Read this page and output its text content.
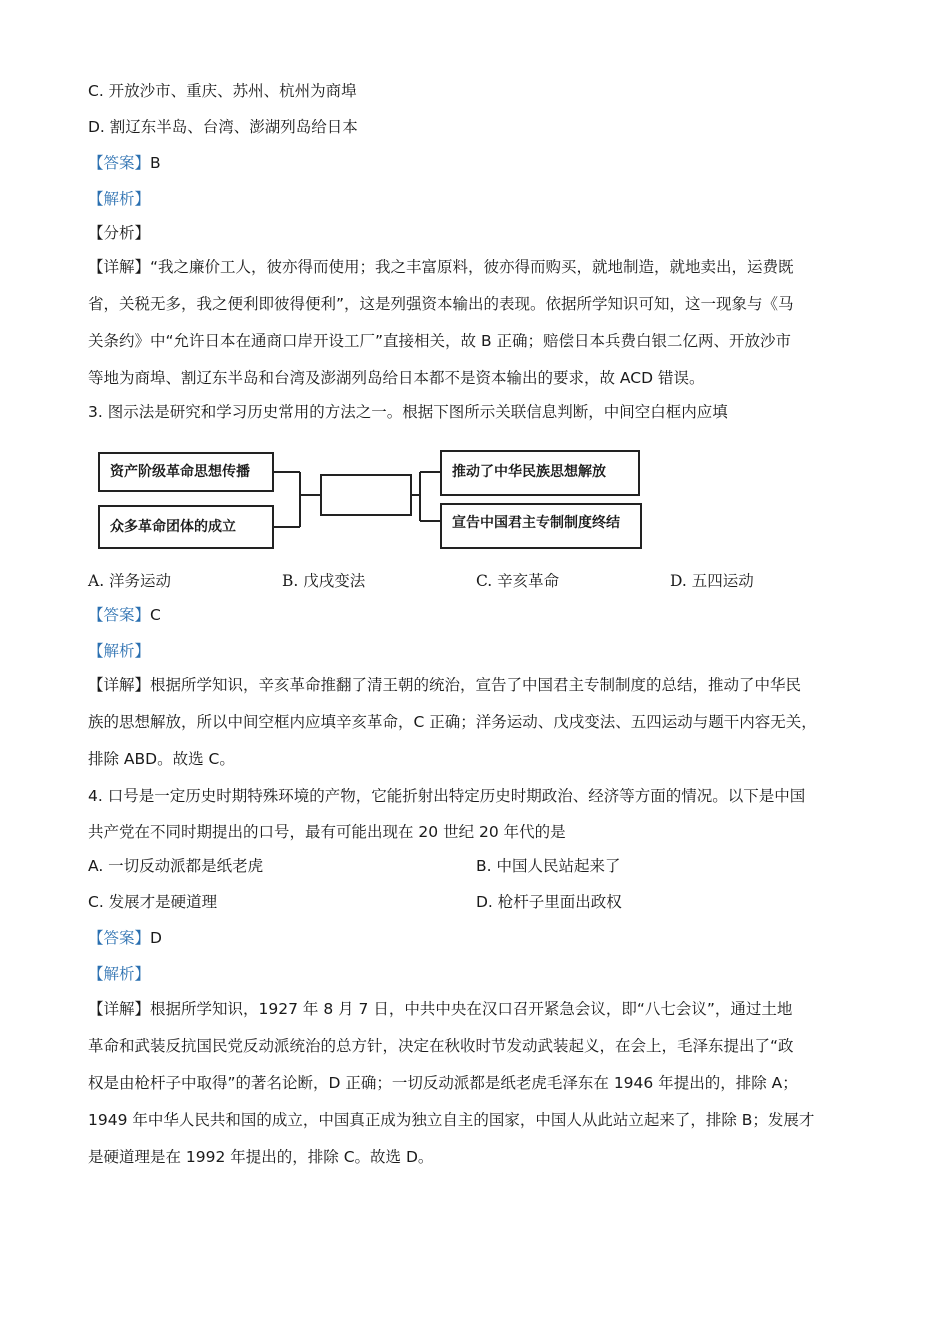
C. 开放沙市、重庆、苏州、杭州为商埠
D. 割辽东半岛、台湾、澎湖列岛给日本
【答案】B
【解析】
【分析】
【详解】“我之廉价工人，彼亦得而使用；我之丰富原料，彼亦得而购买，就地制造，就地卖出，运费既
省，关税无多，我之便利即彼得便利”，这是列强资本输出的表现。依据所学知识可知，这一现象与《马
关条约》中“允许日本在通商口岸开设工厂”直接相关，故 B 正确；赔偿日本兵费白银二亿两、开放沙市
等地为商埠、割辽东半岛和台湾及澎湖列岛给日本都不是资本输出的要求，故 ACD 错误。
3. 图示法是研究和学习历史常用的方法之一。根据下图所示关联信息判断，中间空白框内应填
资产阶级革命思想传播
众多革命团体的成立
推动了中华民族思想解放
宣告中国君主专制制度终结
A. 洋务运动	B. 戊戌变法	C. 辛亥革命	D. 五四运动
【答案】C
【解析】
【详解】根据所学知识，辛亥革命推翻了清王朝的统治，宣告了中国君主专制制度的总结，推动了中华民
族的思想解放，所以中间空框内应填辛亥革命，C 正确；洋务运动、戊戌变法、五四运动与题干内容无关，
排除 ABD。故选 C。
4. 口号是一定历史时期特殊环境的产物，它能折射出特定历史时期政治、经济等方面的情况。以下是中国
共产党在不同时期提出的口号，最有可能出现在 20 世纪 20 年代的是
A. 一切反动派都是纸老虎	B. 中国人民站起来了
C. 发展才是硬道理	D. 枪杆子里面出政权
【答案】D
【解析】
【详解】根据所学知识，1927 年 8 月 7 日，中共中央在汉口召开紧急会议，即“八七会议”，通过土地
革命和武装反抗国民党反动派统治的总方针，决定在秋收时节发动武装起义，在会上，毛泽东提出了“政
权是由枪杆子中取得”的著名论断，D 正确；一切反动派都是纸老虎毛泽东在 1946 年提出的，排除 A；
1949 年中华人民共和国的成立，中国真正成为独立自主的国家，中国人从此站立起来了，排除 B；发展才
是硬道理是在 1992 年提出的，排除 C。故选 D。
